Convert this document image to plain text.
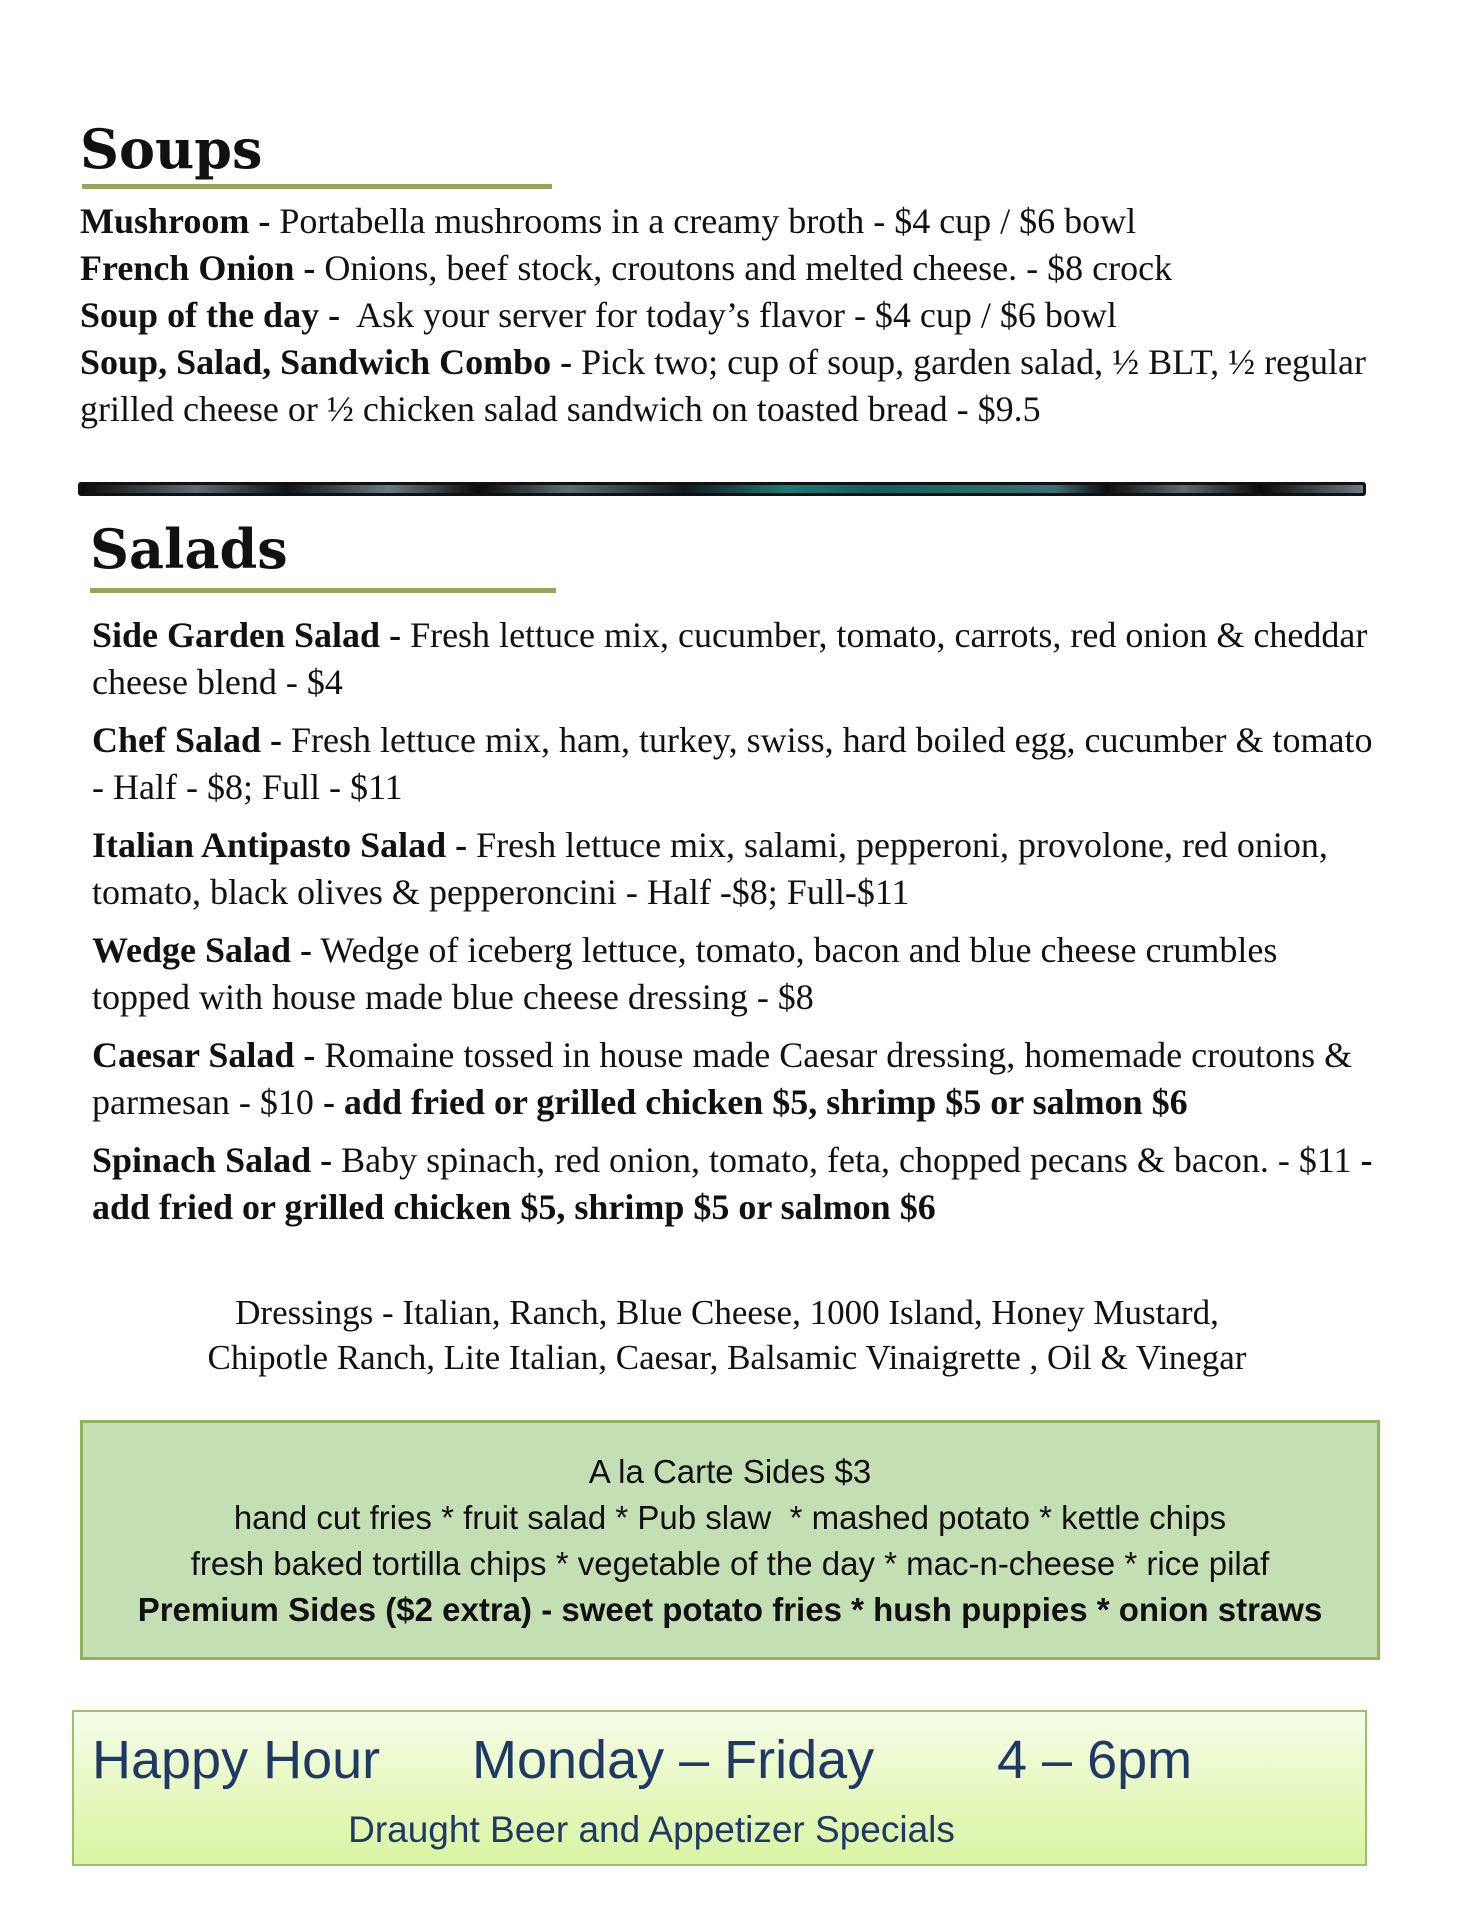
Soups

Mushroom - Portabella mushrooms in a creamy broth - $4 cup / $6 bowl

French Onion - Onions, beef stock, croutons and melted cheese. - $8 crock

Soup of the day -  Ask your server for today’s flavor - $4 cup / $6 bowl

Soup, Salad, Sandwich Combo - Pick two; cup of soup, garden salad, ½ BLT, ½ regular grilled cheese or ½ chicken salad sandwich on toasted bread - $9.5

Salads

Side Garden Salad - Fresh lettuce mix, cucumber, tomato, carrots, red onion & cheddar cheese blend - $4

Chef Salad - Fresh lettuce mix, ham, turkey, swiss, hard boiled egg, cucumber & tomato - Half - $8; Full - $11

Italian Antipasto Salad - Fresh lettuce mix, salami, pepperoni, provolone, red onion, tomato, black olives & pepperoncini - Half -$8; Full-$11

Wedge Salad - Wedge of iceberg lettuce, tomato, bacon and blue cheese crumbles topped with house made blue cheese dressing - $8

Caesar Salad - Romaine tossed in house made Caesar dressing, homemade croutons & parmesan - $10 - add fried or grilled chicken $5, shrimp $5 or salmon $6

Spinach Salad - Baby spinach, red onion, tomato, feta, chopped pecans & bacon. - $11 - add fried or grilled chicken $5, shrimp $5 or salmon $6

Dressings - Italian, Ranch, Blue Cheese, 1000 Island, Honey Mustard,

Chipotle Ranch, Lite Italian, Caesar, Balsamic Vinaigrette , Oil & Vinegar

A la Carte Sides $3

hand cut fries * fruit salad * Pub slaw  * mashed potato * kettle chips

fresh baked tortilla chips * vegetable of the day * mac-n-cheese * rice pilaf

Premium Sides ($2 extra) - sweet potato fries * hush puppies * onion straws

Happy Hour Monday – Friday 4 – 6pm
Draught Beer and Appetizer Specials
